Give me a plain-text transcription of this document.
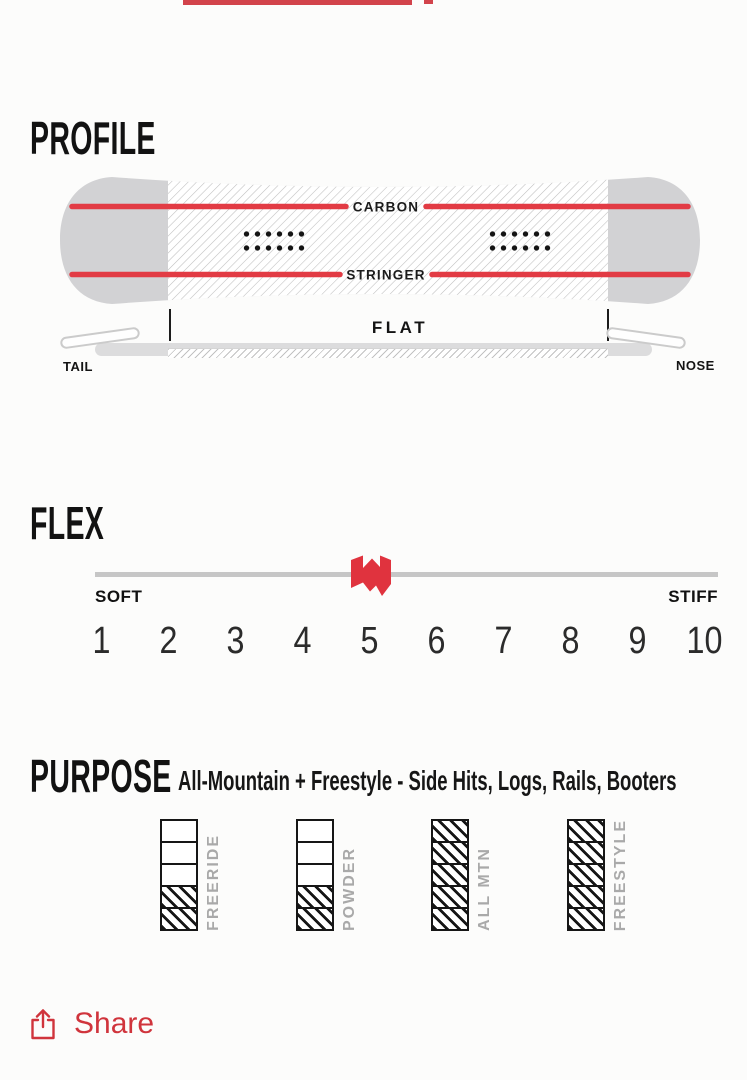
PROFILE
CARBON
STRINGER
FLAT
TAIL	NOSE
FLEX
SOFT	STIFF
1	2	3	4	5	6	7	8	9	10
PURPOSE All-Mountain + Freestyle - Side Hits, Logs, Rails, Booters
FREERIDE	POWDER	ALL MTN	FREESTYLE
Share
